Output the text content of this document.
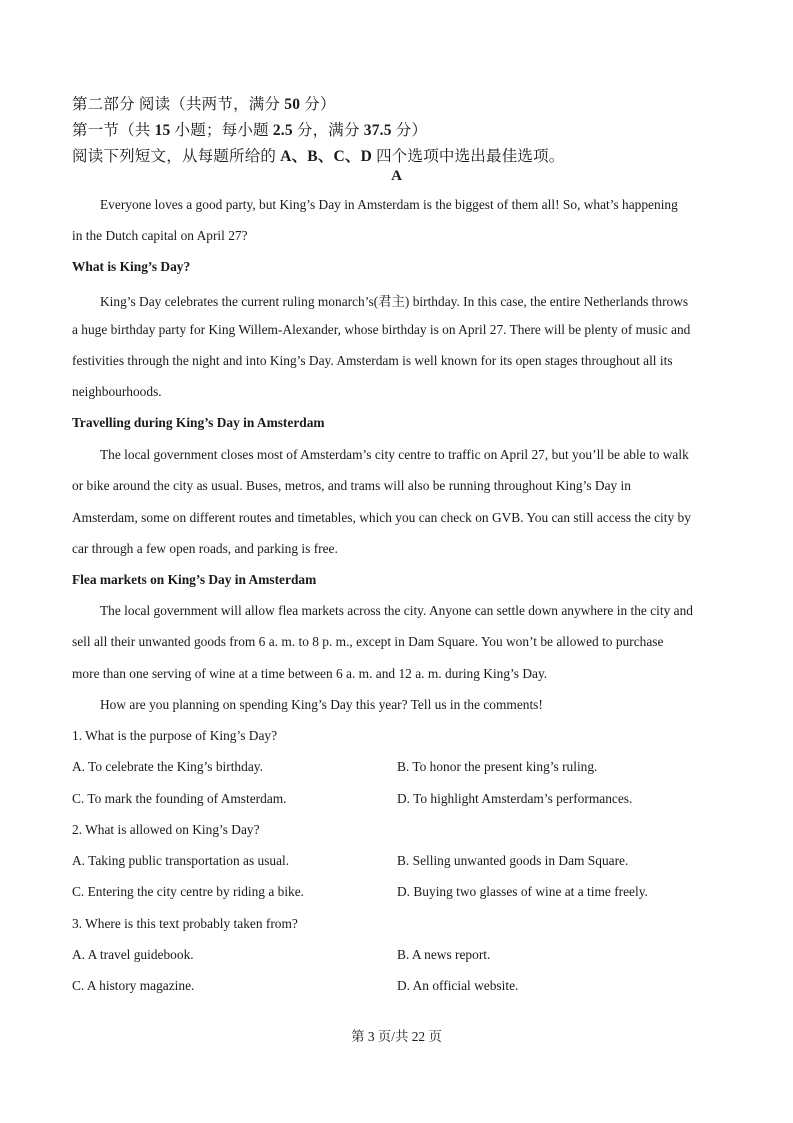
第二部分 阅读（共两节，满分 50 分）
第一节（共 15 小题；每小题 2.5 分，满分 37.5 分）
阅读下列短文，从每题所给的 A、B、C、D 四个选项中选出最佳选项。
A
Everyone loves a good party, but King’s Day in Amsterdam is the biggest of them all! So, what’s happening
in the Dutch capital on April 27?
What is King’s Day?
King’s Day celebrates the current ruling monarch’s(君主) birthday. In this case, the entire Netherlands throws
a huge birthday party for King Willem-Alexander, whose birthday is on April 27. There will be plenty of music and
festivities through the night and into King’s Day. Amsterdam is well known for its open stages throughout all its
neighbourhoods.
Travelling during King’s Day in Amsterdam
The local government closes most of Amsterdam’s city centre to traffic on April 27, but you’ll be able to walk
or bike around the city as usual. Buses, metros, and trams will also be running throughout King’s Day in
Amsterdam, some on different routes and timetables, which you can check on GVB. You can still access the city by
car through a few open roads, and parking is free.
Flea markets on King’s Day in Amsterdam
The local government will allow flea markets across the city. Anyone can settle down anywhere in the city and
sell all their unwanted goods from 6 a. m. to 8 p. m., except in Dam Square. You won’t be allowed to purchase
more than one serving of wine at a time between 6 a. m. and 12 a. m. during King’s Day.
How are you planning on spending King’s Day this year? Tell us in the comments!
1. What is the purpose of King’s Day?
A. To celebrate the King’s birthday.	B. To honor the present king’s ruling.
C. To mark the founding of Amsterdam.	D. To highlight Amsterdam’s performances.
2. What is allowed on King’s Day?
A. Taking public transportation as usual.	B. Selling unwanted goods in Dam Square.
C. Entering the city centre by riding a bike.	D. Buying two glasses of wine at a time freely.
3. Where is this text probably taken from?
A. A travel guidebook.	B. A news report.
C. A history magazine.	D. An official website.
第 3 页/共 22 页
